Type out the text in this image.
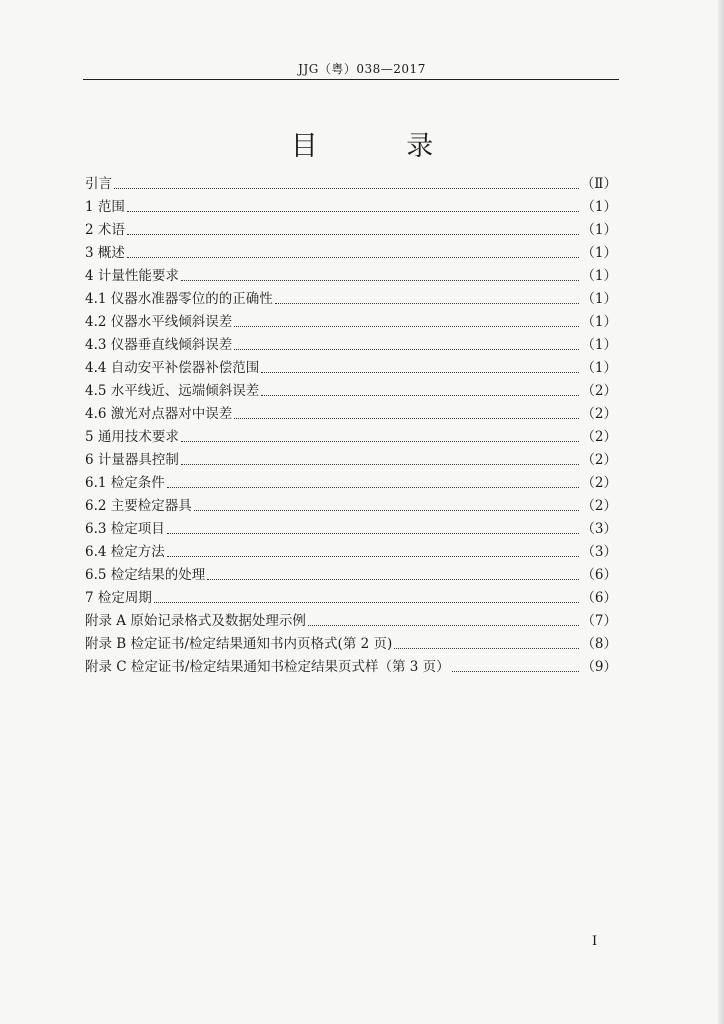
JJG（粤）038—2017
目 录
引言	（Ⅱ）
1 范围	（1）
2 术语	（1）
3 概述	（1）
4 计量性能要求	（1）
4.1 仪器水准器零位的的正确性	（1）
4.2 仪器水平线倾斜误差	（1）
4.3 仪器垂直线倾斜误差	（1）
4.4 自动安平补偿器补偿范围	（1）
4.5 水平线近、远端倾斜误差	（2）
4.6 激光对点器对中误差	（2）
5 通用技术要求	（2）
6 计量器具控制	（2）
6.1 检定条件	（2）
6.2 主要检定器具	（2）
6.3 检定项目	（3）
6.4 检定方法	（3）
6.5 检定结果的处理	（6）
7 检定周期	（6）
附录 A 原始记录格式及数据处理示例	（7）
附录 B 检定证书/检定结果通知书内页格式(第 2 页)	（8）
附录 C 检定证书/检定结果通知书检定结果页式样（第 3 页）	（9）
Ⅰ
